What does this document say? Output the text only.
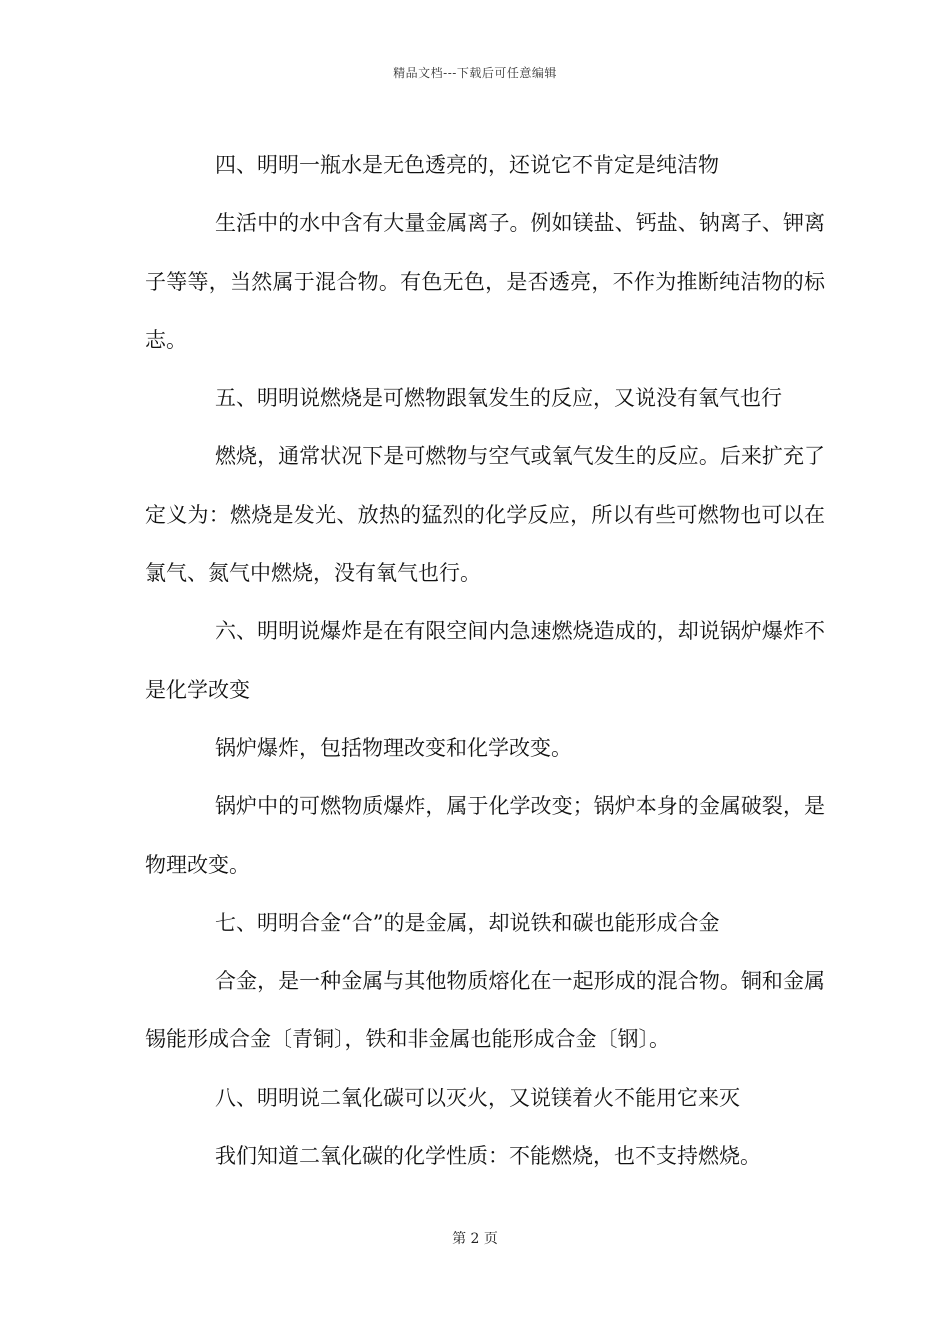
精品文档---下载后可任意编辑

四、明明一瓶水是无色透亮的，还说它不肯定是纯洁物

生活中的水中含有大量金属离子。例如镁盐、钙盐、钠离子、钾离子等等，当然属于混合物。有色无色，是否透亮，不作为推断纯洁物的标志。

五、明明说燃烧是可燃物跟氧发生的反应，又说没有氧气也行

燃烧，通常状况下是可燃物与空气或氧气发生的反应。后来扩充了定义为：燃烧是发光、放热的猛烈的化学反应，所以有些可燃物也可以在氯气、氮气中燃烧，没有氧气也行。

六、明明说爆炸是在有限空间内急速燃烧造成的，却说锅炉爆炸不是化学改变

锅炉爆炸，包括物理改变和化学改变。

锅炉中的可燃物质爆炸，属于化学改变；锅炉本身的金属破裂，是物理改变。

七、明明合金“合”的是金属，却说铁和碳也能形成合金

合金，是一种金属与其他物质熔化在一起形成的混合物。铜和金属锡能形成合金〔青铜〕，铁和非金属也能形成合金〔钢〕。

八、明明说二氧化碳可以灭火，又说镁着火不能用它来灭

我们知道二氧化碳的化学性质：不能燃烧，也不支持燃烧。

第 2 页
